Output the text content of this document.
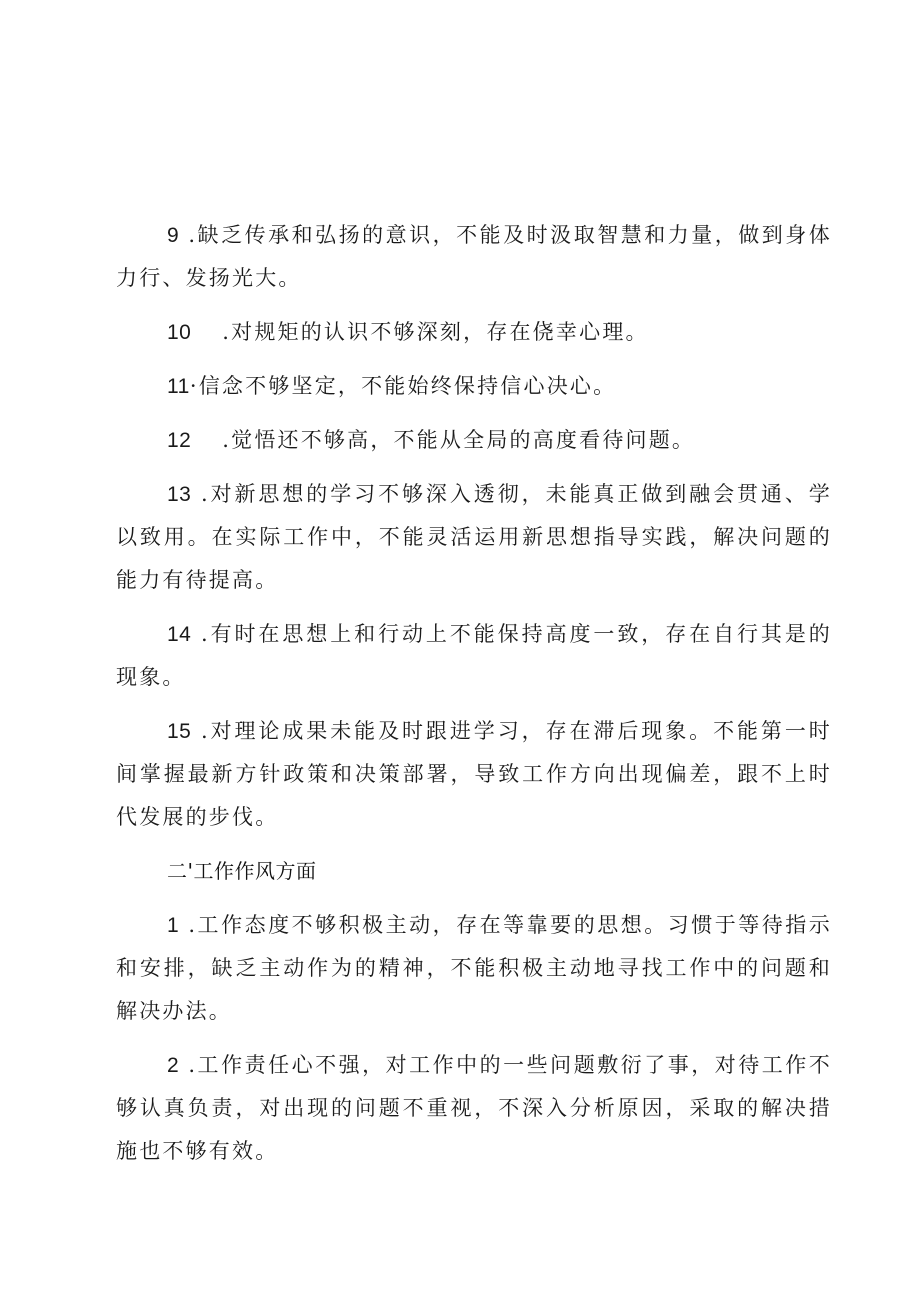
9 .缺乏传承和弘扬的意识，不能及时汲取智慧和力量，做到身体力行、发扬光大。

10 .对规矩的认识不够深刻，存在侥幸心理。

11·信念不够坚定，不能始终保持信心决心。

12 .觉悟还不够高，不能从全局的高度看待问题。

13 .对新思想的学习不够深入透彻，未能真正做到融会贯通、学以致用。在实际工作中，不能灵活运用新思想指导实践，解决问题的能力有待提高。

14 .有时在思想上和行动上不能保持高度一致，存在自行其是的现象。

15 .对理论成果未能及时跟进学习，存在滞后现象。不能第一时间掌握最新方针政策和决策部署，导致工作方向出现偏差，跟不上时代发展的步伐。

二'工作作风方面

1 .工作态度不够积极主动，存在等靠要的思想。习惯于等待指示和安排，缺乏主动作为的精神，不能积极主动地寻找工作中的问题和解决办法。

2 .工作责任心不强，对工作中的一些问题敷衍了事，对待工作不够认真负责，对出现的问题不重视，不深入分析原因，采取的解决措施也不够有效。
